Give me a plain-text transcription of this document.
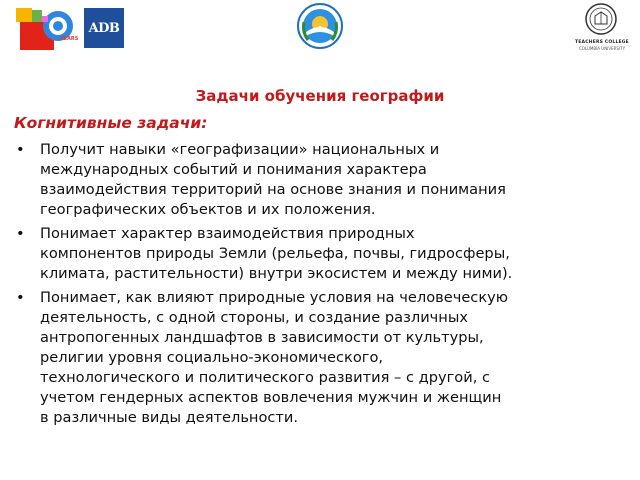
YEARS
ADB
TEACHERS COLLEGE
COLUMBIA UNIVERSITY
Задачи обучения географии
Когнитивные задачи:
• Получит навыки «географизации» национальных и
международных событий и понимания характера
взаимодействия территорий на основе знания и понимания
географических объектов и их положения.
• Понимает характер взаимодействия природных
компонентов природы Земли (рельефа, почвы, гидросферы,
климата, растительности) внутри экосистем и между ними).
• Понимает, как влияют природные условия на человеческую
деятельность, с одной стороны, и создание различных
антропогенных ландшафтов в зависимости от культуры,
религии уровня социально-экономического,
технологического и политического развития – с другой, с
учетом гендерных аспектов вовлечения мужчин и женщин
в различные виды деятельности.
